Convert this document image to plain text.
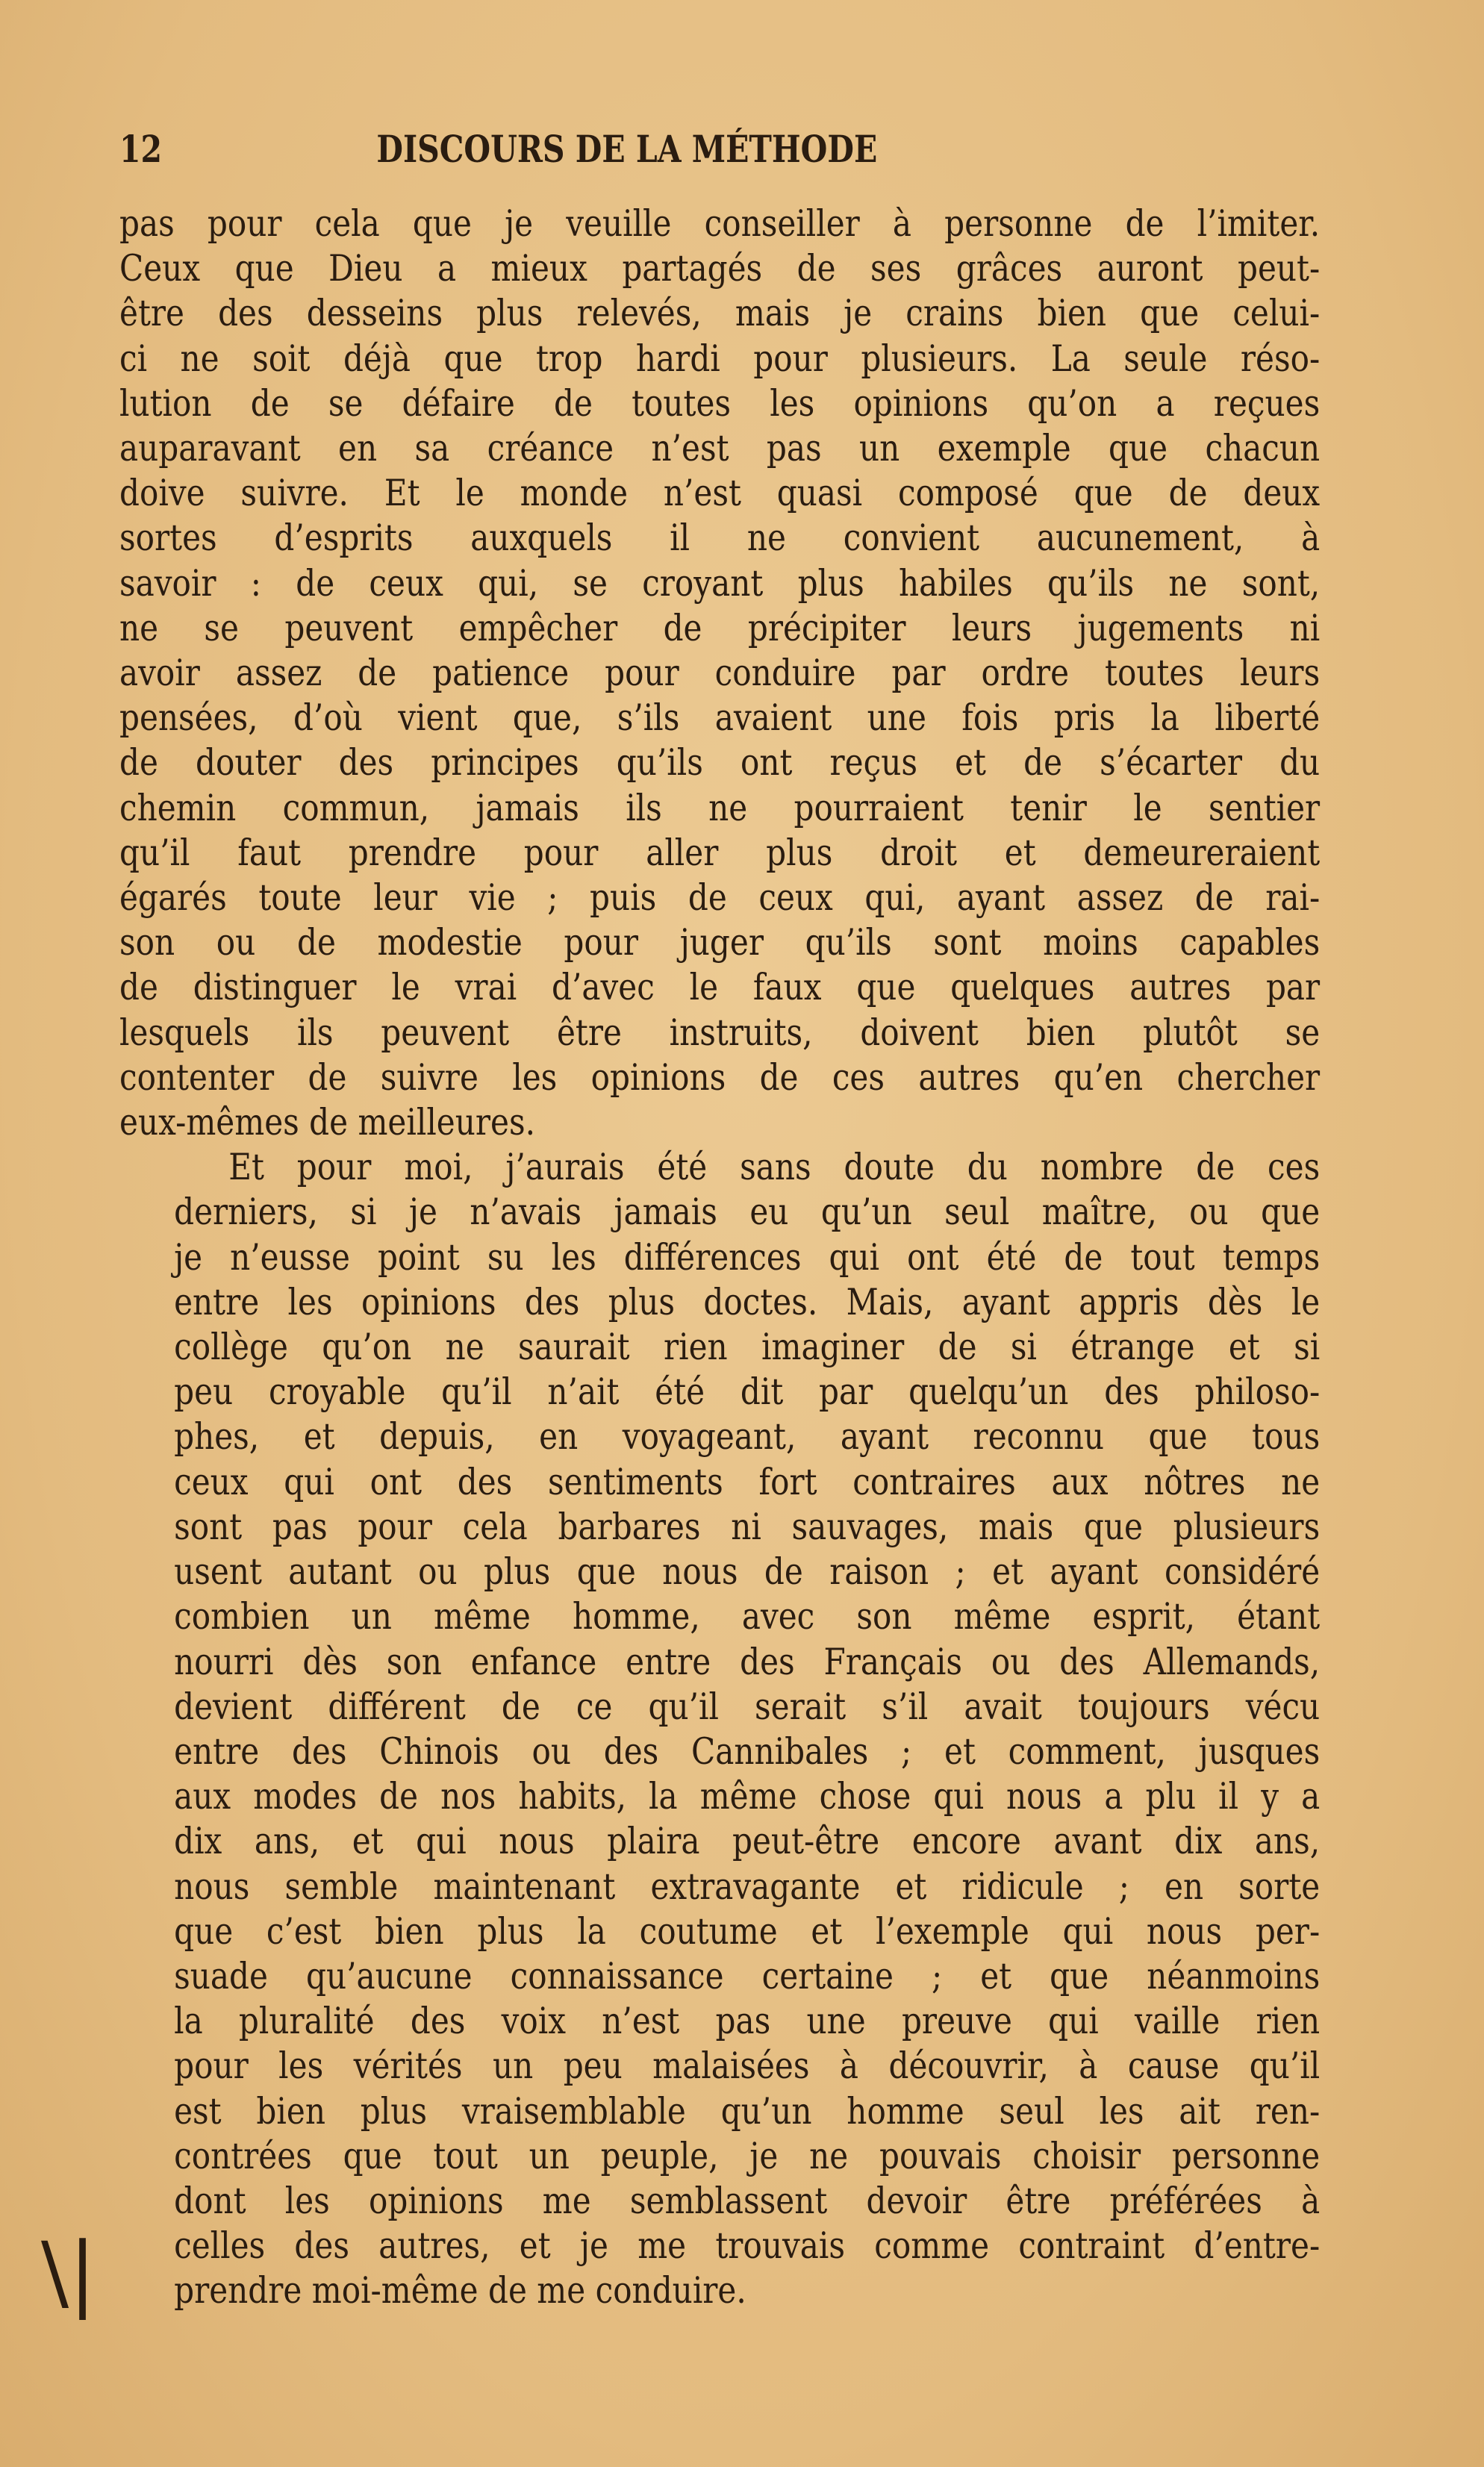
12	DISCOURS DE LA MÉTHODE

pas pour cela que je veuille conseiller à personne de l’imiter.
Ceux que Dieu a mieux partagés de ses grâces auront peut-
être des desseins plus relevés, mais je crains bien que celui-
ci ne soit déjà que trop hardi pour plusieurs. La seule réso-
lution de se défaire de toutes les opinions qu’on a reçues
auparavant en sa créance n’est pas un exemple que chacun
doive suivre. Et le monde n’est quasi composé que de deux
sortes d’esprits auxquels il ne convient aucunement, à
savoir : de ceux qui, se croyant plus habiles qu’ils ne sont,
ne se peuvent empêcher de précipiter leurs jugements ni
avoir assez de patience pour conduire par ordre toutes leurs
pensées, d’où vient que, s’ils avaient une fois pris la liberté
de douter des principes qu’ils ont reçus et de s’écarter du
chemin commun, jamais ils ne pourraient tenir le sentier
qu’il faut prendre pour aller plus droit et demeureraient
égarés toute leur vie ; puis de ceux qui, ayant assez de rai-
son ou de modestie pour juger qu’ils sont moins capables
de distinguer le vrai d’avec le faux que quelques autres par
lesquels ils peuvent être instruits, doivent bien plutôt se
contenter de suivre les opinions de ces autres qu’en chercher
eux-mêmes de meilleures.

Et pour moi, j’aurais été sans doute du nombre de ces
derniers, si je n’avais jamais eu qu’un seul maître, ou que
je n’eusse point su les différences qui ont été de tout temps
entre les opinions des plus doctes. Mais, ayant appris dès le
collège qu’on ne saurait rien imaginer de si étrange et si
peu croyable qu’il n’ait été dit par quelqu’un des philoso-
phes, et depuis, en voyageant, ayant reconnu que tous
ceux qui ont des sentiments fort contraires aux nôtres ne
sont pas pour cela barbares ni sauvages, mais que plusieurs
usent autant ou plus que nous de raison ; et ayant considéré
combien un même homme, avec son même esprit, étant
nourri dès son enfance entre des Français ou des Allemands,
devient différent de ce qu’il serait s’il avait toujours vécu
entre des Chinois ou des Cannibales ; et comment, jusques
aux modes de nos habits, la même chose qui nous a plu il y a
dix ans, et qui nous plaira peut-être encore avant dix ans,
nous semble maintenant extravagante et ridicule ; en sorte
que c’est bien plus la coutume et l’exemple qui nous per-
suade qu’aucune connaissance certaine ; et que néanmoins
la pluralité des voix n’est pas une preuve qui vaille rien
pour les vérités un peu malaisées à découvrir, à cause qu’il
est bien plus vraisemblable qu’un homme seul les ait ren-
contrées que tout un peuple, je ne pouvais choisir personne
dont les opinions me semblassent devoir être préférées à
celles des autres, et je me trouvais comme contraint d’entre-
prendre moi-même de me conduire.

\|
